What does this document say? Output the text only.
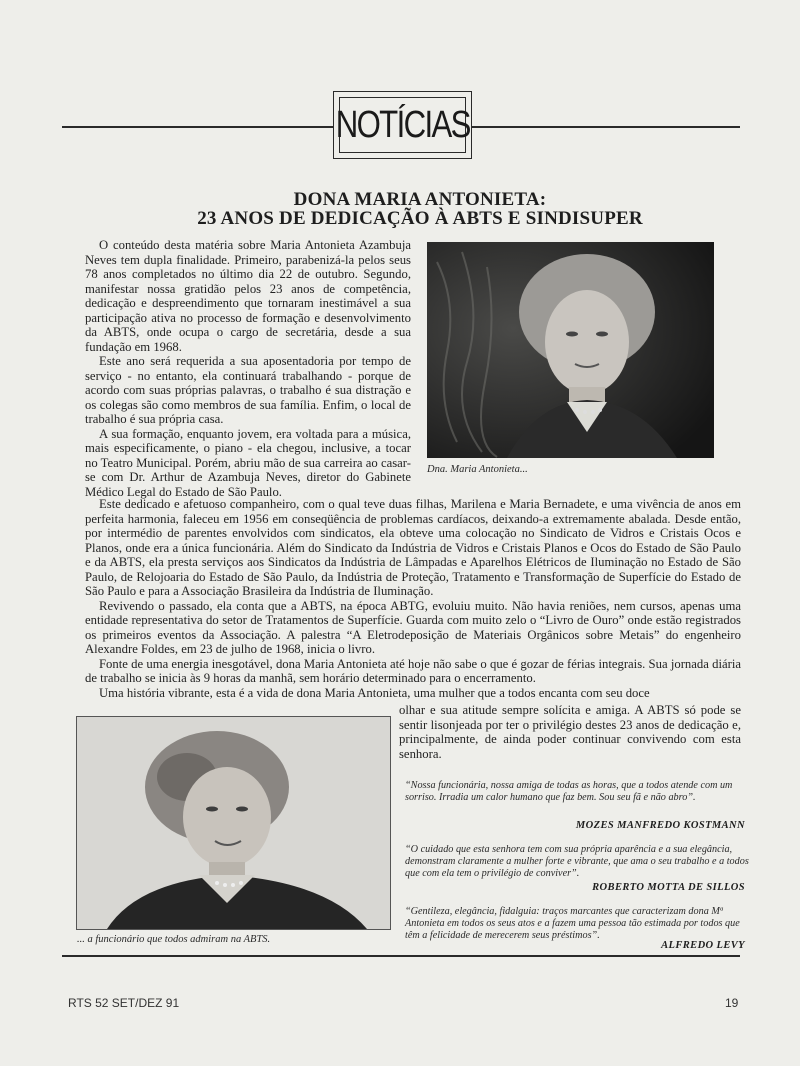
NOTÍCIAS
DONA MARIA ANTONIETA:
23 ANOS DE DEDICAÇÃO À ABTS E SINDISUPER

O conteúdo desta matéria sobre Maria Antonieta Azambuja Neves tem dupla finalidade. Primeiro, parabenizá-la pelos seus 78 anos completados no último dia 22 de outubro. Segundo, manifestar nossa gratidão pelos 23 anos de competência, dedicação e despreendimento que tornaram inestimável a sua participação ativa no processo de formação e desenvolvimento da ABTS, onde ocupa o cargo de secretária, desde a sua fundação em 1968.

Este ano será requerida a sua aposentadoria por tempo de serviço - no entanto, ela continuará trabalhando - porque de acordo com suas próprias palavras, o trabalho é sua distração e os colegas são como membros de sua família. Enfim, o local de trabalho é sua própria casa.

A sua formação, enquanto jovem, era voltada para a música, mais especificamente, o piano - ela chegou, inclusive, a tocar no Teatro Municipal. Porém, abriu mão de sua carreira ao casar-se com Dr. Arthur de Azambuja Neves, diretor do Gabinete Médico Legal do Estado de São Paulo.

Dna. Maria Antonieta...

Este dedicado e afetuoso companheiro, com o qual teve duas filhas, Marilena e Maria Bernadete, e uma vivência de anos em perfeita harmonia, faleceu em 1956 em conseqüência de problemas cardíacos, deixando-a extremamente abalada. Desde então, por intermédio de parentes envolvidos com sindicatos, ela obteve uma colocação no Sindicato de Vidros e Cristais Ocos e Planos, onde era a única funcionária. Além do Sindicato da Indústria de Vidros e Cristais Planos e Ocos do Estado de São Paulo e da ABTS, ela presta serviços aos Sindicatos da Indústria de Lâmpadas e Aparelhos Elétricos de Iluminação no Estado de São Paulo, de Relojoaria do Estado de São Paulo, da Indústria de Proteção, Tratamento e Transformação de Superfície do Estado de São Paulo e para a Associação Brasileira da Indústria de Iluminação.

Revivendo o passado, ela conta que a ABTS, na época ABTG, evoluiu muito. Não havia reniões, nem cursos, apenas uma entidade representativa do setor de Tratamentos de Superfície. Guarda com muito zelo o “Livro de Ouro” onde estão registrados os primeiros eventos da Associação. A palestra “A Eletrodeposição de Materiais Orgânicos sobre Metais” do engenheiro Alexandre Foldes, em 23 de julho de 1968, inicia o livro.

Fonte de uma energia inesgotável, dona Maria Antonieta até hoje não sabe o que é gozar de férias integrais. Sua jornada diária de trabalho se inicia às 9 horas da manhã, sem horário determinado para o encerramento.

Uma história vibrante, esta é a vida de dona Maria Antonieta, uma mulher que a todos encanta com seu doce

olhar e sua atitude sempre solícita e amiga. A ABTS só pode se sentir lisonjeada por ter o privilégio destes 23 anos de dedicação e, principalmente, de ainda poder continuar convivendo com esta senhora.

... a funcionário que todos admiram na ABTS.
“Nossa funcionária, nossa amiga de todas as horas, que a todos atende com um sorriso. Irradia um calor humano que faz bem. Sou seu fã e não abro”.
MOZES MANFREDO KOSTMANN
“O cuidado que esta senhora tem com sua própria aparência e a sua elegância, demonstram claramente a mulher forte e vibrante, que ama o seu trabalho e a todos que com ela tem o privilégio de conviver”.
ROBERTO MOTTA DE SILLOS
“Gentileza, elegância, fidalguia: traços marcantes que caracterizam dona Mª Antonieta em todos os seus atos e a fazem uma pessoa tão estimada por todos que têm a felicidade de merecerem seus préstimos”.
ALFREDO LEVY
RTS 52 SET/DEZ 91	19
